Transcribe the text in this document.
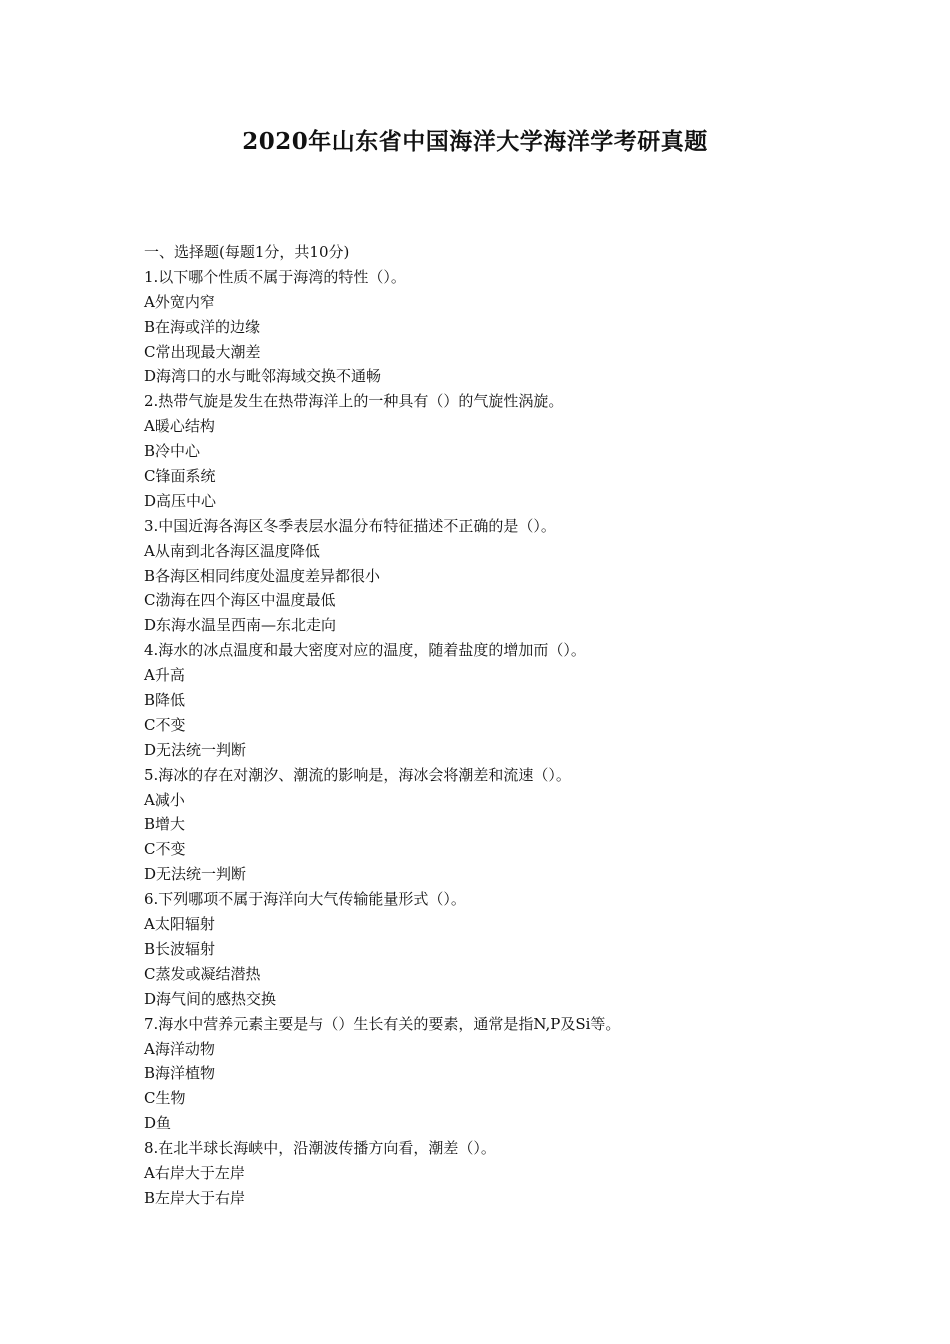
2020年山东省中国海洋大学海洋学考研真题
一、选择题(每题1分，共10分)
1.以下哪个性质不属于海湾的特性（）。
A外宽内窄
B在海或洋的边缘
C常出现最大潮差
D海湾口的水与毗邻海域交换不通畅
2.热带气旋是发生在热带海洋上的一种具有（）的气旋性涡旋。
A暖心结构
B冷中心
C锋面系统
D高压中心
3.中国近海各海区冬季表层水温分布特征描述不正确的是（）。
A从南到北各海区温度降低
B各海区相同纬度处温度差异都很小
C渤海在四个海区中温度最低
D东海水温呈西南—东北走向
4.海水的冰点温度和最大密度对应的温度，随着盐度的增加而（）。
A升高
B降低
C不变
D无法统一判断
5.海冰的存在对潮汐、潮流的影响是，海冰会将潮差和流速（）。
A减小
B增大
C不变
D无法统一判断
6.下列哪项不属于海洋向大气传输能量形式（）。
A太阳辐射
B长波辐射
C蒸发或凝结潜热
D海气间的感热交换
7.海水中营养元素主要是与（）生长有关的要素，通常是指N,P及Si等。
A海洋动物
B海洋植物
C生物
D鱼
8.在北半球长海峡中，沿潮波传播方向看，潮差（）。
A右岸大于左岸
B左岸大于右岸
